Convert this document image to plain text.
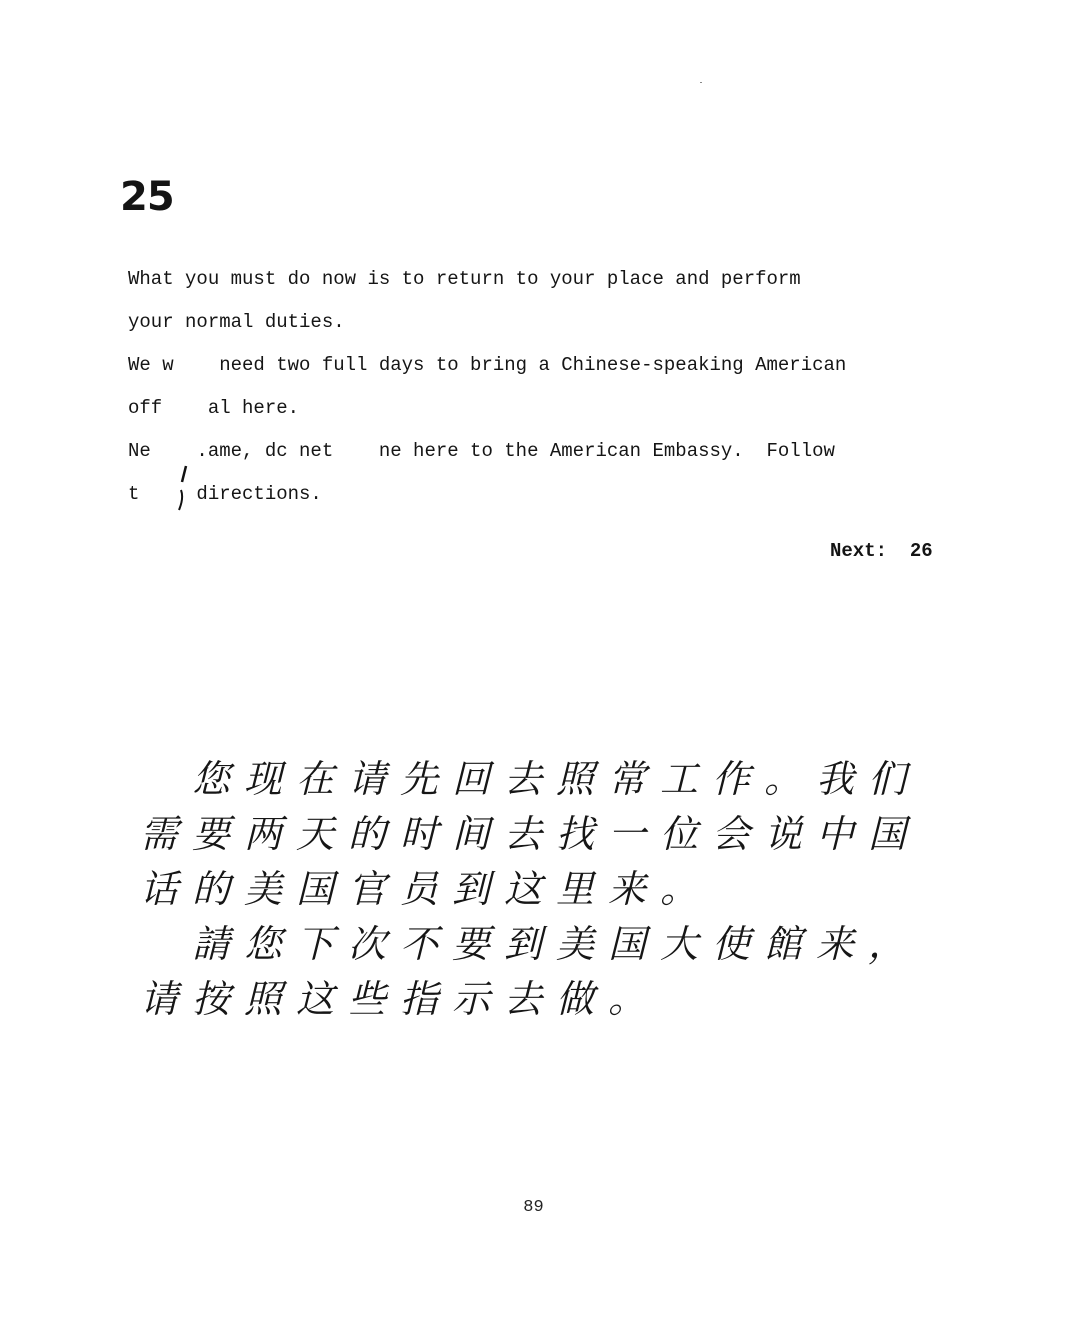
25
What you must do now is to return to your place and perform
your normal duties.
We w    need two full days to bring a Chinese-speaking American
off    al here.
Ne    .ame, dc net    ne here to the American Embassy.  Follow
t     directions.
Next: 26
您现在请先回去照常工作。我们
需要两天的时间去找一位会说中国
话的美国官员到这里来。
請您下次不要到美国大使館来，
请按照这些指示去做。
89
